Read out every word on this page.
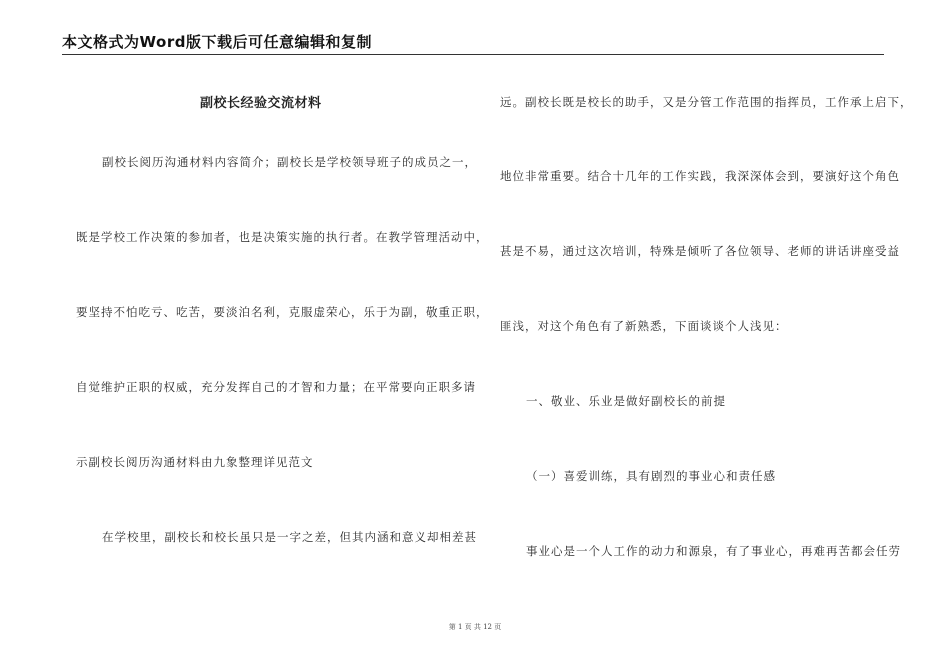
本文格式为Word版下载后可任意编辑和复制
副校长经验交流材料
副校长阅历沟通材料内容简介；副校长是学校领导班子的成员之一，
既是学校工作决策的参加者，也是决策实施的执行者。在教学管理活动中，
要坚持不怕吃亏、吃苦，要淡泊名利，克服虚荣心，乐于为副，敬重正职，
自觉维护正职的权威，充分发挥自己的才智和力量；在平常要向正职多请
示副校长阅历沟通材料由九象整理详见范文
在学校里，副校长和校长虽只是一字之差，但其内涵和意义却相差甚
远。副校长既是校长的助手，又是分管工作范围的指挥员，工作承上启下，
地位非常重要。结合十几年的工作实践，我深深体会到，要演好这个角色
甚是不易，通过这次培训，特殊是倾听了各位领导、老师的讲话讲座受益
匪浅，对这个角色有了新熟悉，下面谈谈个人浅见：
一、敬业、乐业是做好副校长的前提
（一）喜爱训练，具有剧烈的事业心和责任感
事业心是一个人工作的动力和源泉，有了事业心，再难再苦都会任劳
第 1 页 共 12 页
